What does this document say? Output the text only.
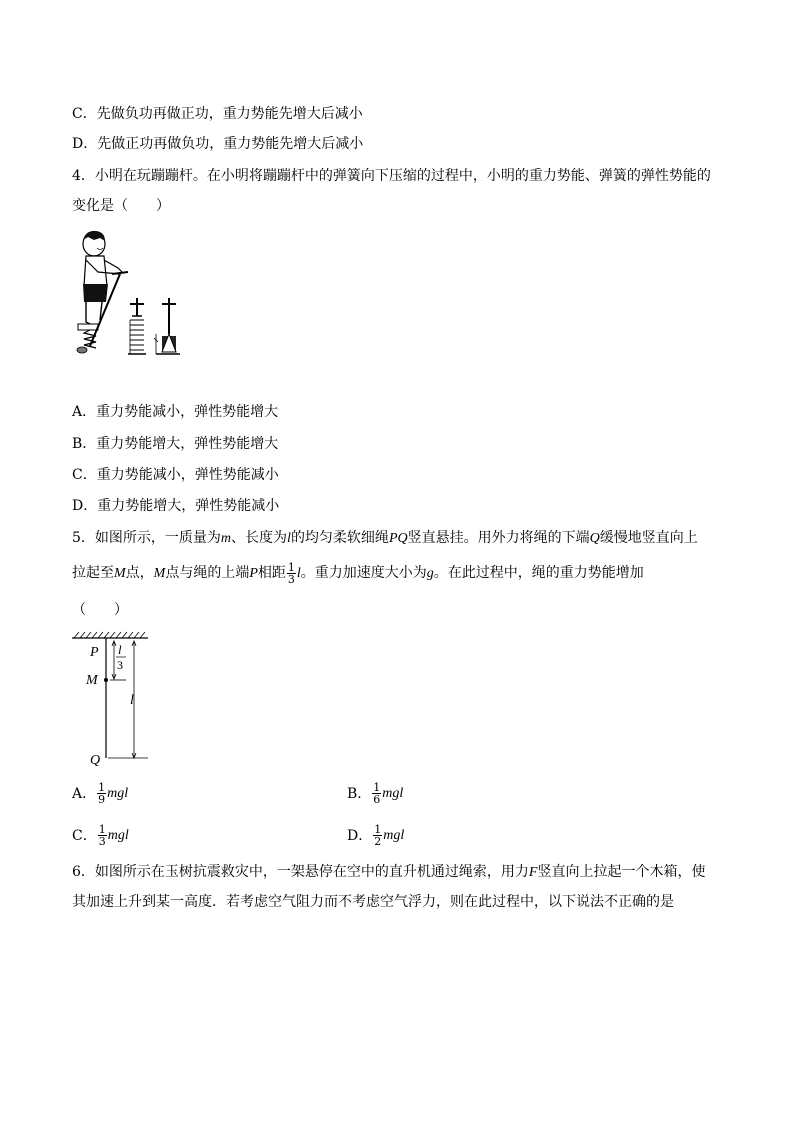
C．先做负功再做正功，重力势能先增大后减小
D．先做正功再做负功，重力势能先增大后减小
4．小明在玩蹦蹦杆。在小明将蹦蹦杆中的弹簧向下压缩的过程中，小明的重力势能、弹簧的弹性势能的
变化是（　　）
A．重力势能减小，弹性势能增大
B．重力势能增大，弹性势能增大
C．重力势能减小，弹性势能减小
D．重力势能增大，弹性势能减小
5．如图所示，一质量为m、长度为l的均匀柔软细绳PQ竖直悬挂。用外力将绳的下端Q缓慢地竖直向上
拉起至M点，M点与绳的上端P相距 $\frac{1}{3}$ l。重力加速度大小为g。在此过程中，绳的重力势能增加
（　　）
P
M
Q
l
3
l
A． $\frac{1}{9}$ mgl	B． $\frac{1}{6}$ mgl
C． $\frac{1}{3}$ mgl	D． $\frac{1}{2}$ mgl
6．如图所示在玉树抗震救灾中，一架悬停在空中的直升机通过绳索，用力F竖直向上拉起一个木箱，使
其加速上升到某一高度．若考虑空气阻力而不考虑空气浮力，则在此过程中，以下说法不正确的是
